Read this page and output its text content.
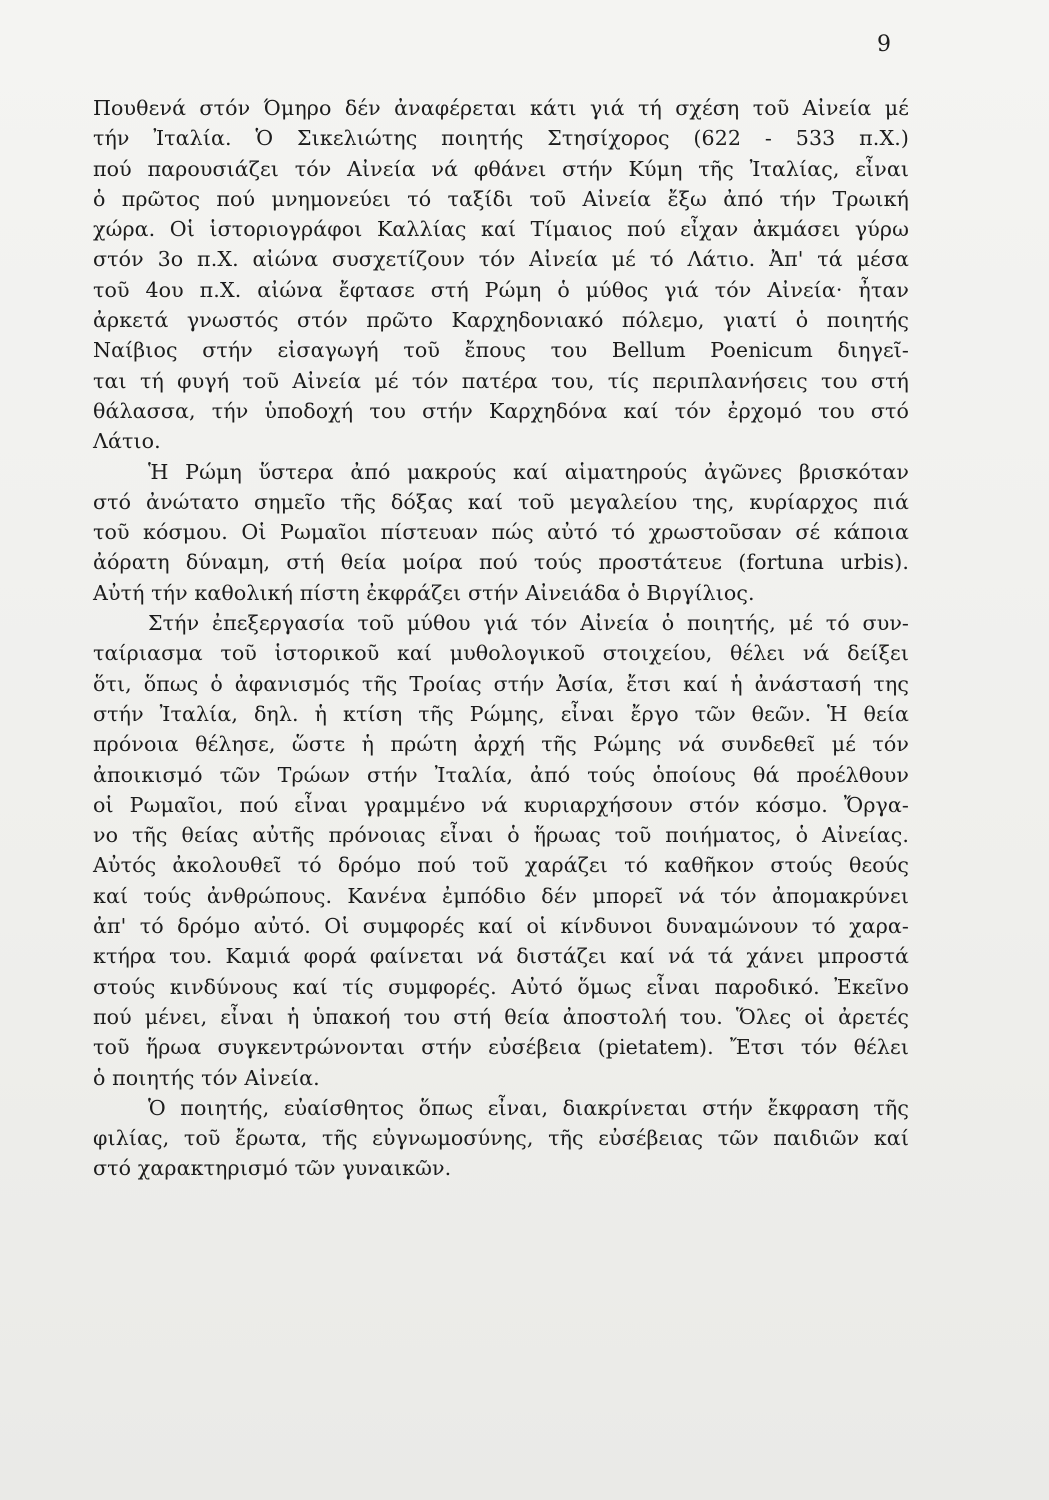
9
Πουθενά στόν Όμηρο δέν ἀναφέρεται κάτι γιά τή σχέση τοῦ Αἰνεία μέ
τήν Ἰταλία. Ὁ Σικελιώτης ποιητής Στησίχορος (622 - 533 π.Χ.)
πού παρουσιάζει τόν Αἰνεία νά φθάνει στήν Κύμη τῆς Ἰταλίας, εἶναι
ὁ πρῶτος πού μνημονεύει τό ταξίδι τοῦ Αἰνεία ἔξω ἀπό τήν Τρωική
χώρα. Οἱ ἱστοριογράφοι Καλλίας καί Τίμαιος πού εἶχαν ἀκμάσει γύρω
στόν 3ο π.Χ. αἰώνα συσχετίζουν τόν Αἰνεία μέ τό Λάτιο. Ἀπ' τά μέσα
τοῦ 4ου π.Χ. αἰώνα ἔφτασε στή Ρώμη ὁ μύθος γιά τόν Αἰνεία· ἦταν
ἀρκετά γνωστός στόν πρῶτο Καρχηδονιακό πόλεμο, γιατί ὁ ποιητής
Ναίβιος στήν εἰσαγωγή τοῦ ἔπους του Bellum Poenicum διηγεῖ-
ται τή φυγή τοῦ Αἰνεία μέ τόν πατέρα του, τίς περιπλανήσεις του στή
θάλασσα, τήν ὑποδοχή του στήν Καρχηδόνα καί τόν ἐρχομό του στό
Λάτιο.
Ἡ Ρώμη ὕστερα ἀπό μακρούς καί αἱματηρούς ἀγῶνες βρισκόταν
στό ἀνώτατο σημεῖο τῆς δόξας καί τοῦ μεγαλείου της, κυρίαρχος πιά
τοῦ κόσμου. Οἱ Ρωμαῖοι πίστευαν πώς αὐτό τό χρωστοῦσαν σέ κάποια
ἀόρατη δύναμη, στή θεία μοίρα πού τούς προστάτευε (fortuna urbis).
Αὐτή τήν καθολική πίστη ἐκφράζει στήν Αἰνειάδα ὁ Βιργίλιος.
Στήν ἐπεξεργασία τοῦ μύθου γιά τόν Αἰνεία ὁ ποιητής, μέ τό συν-
ταίριασμα τοῦ ἱστορικοῦ καί μυθολογικοῦ στοιχείου, θέλει νά δείξει
ὅτι, ὅπως ὁ ἀφανισμός τῆς Τροίας στήν Ἀσία, ἔτσι καί ἡ ἀνάστασή της
στήν Ἰταλία, δηλ. ἡ κτίση τῆς Ρώμης, εἶναι ἔργο τῶν θεῶν. Ἡ θεία
πρόνοια θέλησε, ὥστε ἡ πρώτη ἀρχή τῆς Ρώμης νά συνδεθεῖ μέ τόν
ἀποικισμό τῶν Τρώων στήν Ἰταλία, ἀπό τούς ὁποίους θά προέλθουν
οἱ Ρωμαῖοι, πού εἶναι γραμμένο νά κυριαρχήσουν στόν κόσμο. Ὄργα-
νο τῆς θείας αὐτῆς πρόνοιας εἶναι ὁ ἥρωας τοῦ ποιήματος, ὁ Αἰνείας.
Αὐτός ἀκολουθεῖ τό δρόμο πού τοῦ χαράζει τό καθῆκον στούς θεούς
καί τούς ἀνθρώπους. Κανένα ἐμπόδιο δέν μπορεῖ νά τόν ἀπομακρύνει
ἀπ' τό δρόμο αὐτό. Οἱ συμφορές καί οἱ κίνδυνοι δυναμώνουν τό χαρα-
κτήρα του. Καμιά φορά φαίνεται νά διστάζει καί νά τά χάνει μπροστά
στούς κινδύνους καί τίς συμφορές. Αὐτό ὅμως εἶναι παροδικό. Ἐκεῖνο
πού μένει, εἶναι ἡ ὑπακοή του στή θεία ἀποστολή του. Ὅλες οἱ ἀρετές
τοῦ ἥρωα συγκεντρώνονται στήν εὐσέβεια (pietatem). Ἔτσι τόν θέλει
ὁ ποιητής τόν Αἰνεία.
Ὁ ποιητής, εὐαίσθητος ὅπως εἶναι, διακρίνεται στήν ἔκφραση τῆς
φιλίας, τοῦ ἔρωτα, τῆς εὐγνωμοσύνης, τῆς εὐσέβειας τῶν παιδιῶν καί
στό χαρακτηρισμό τῶν γυναικῶν.
